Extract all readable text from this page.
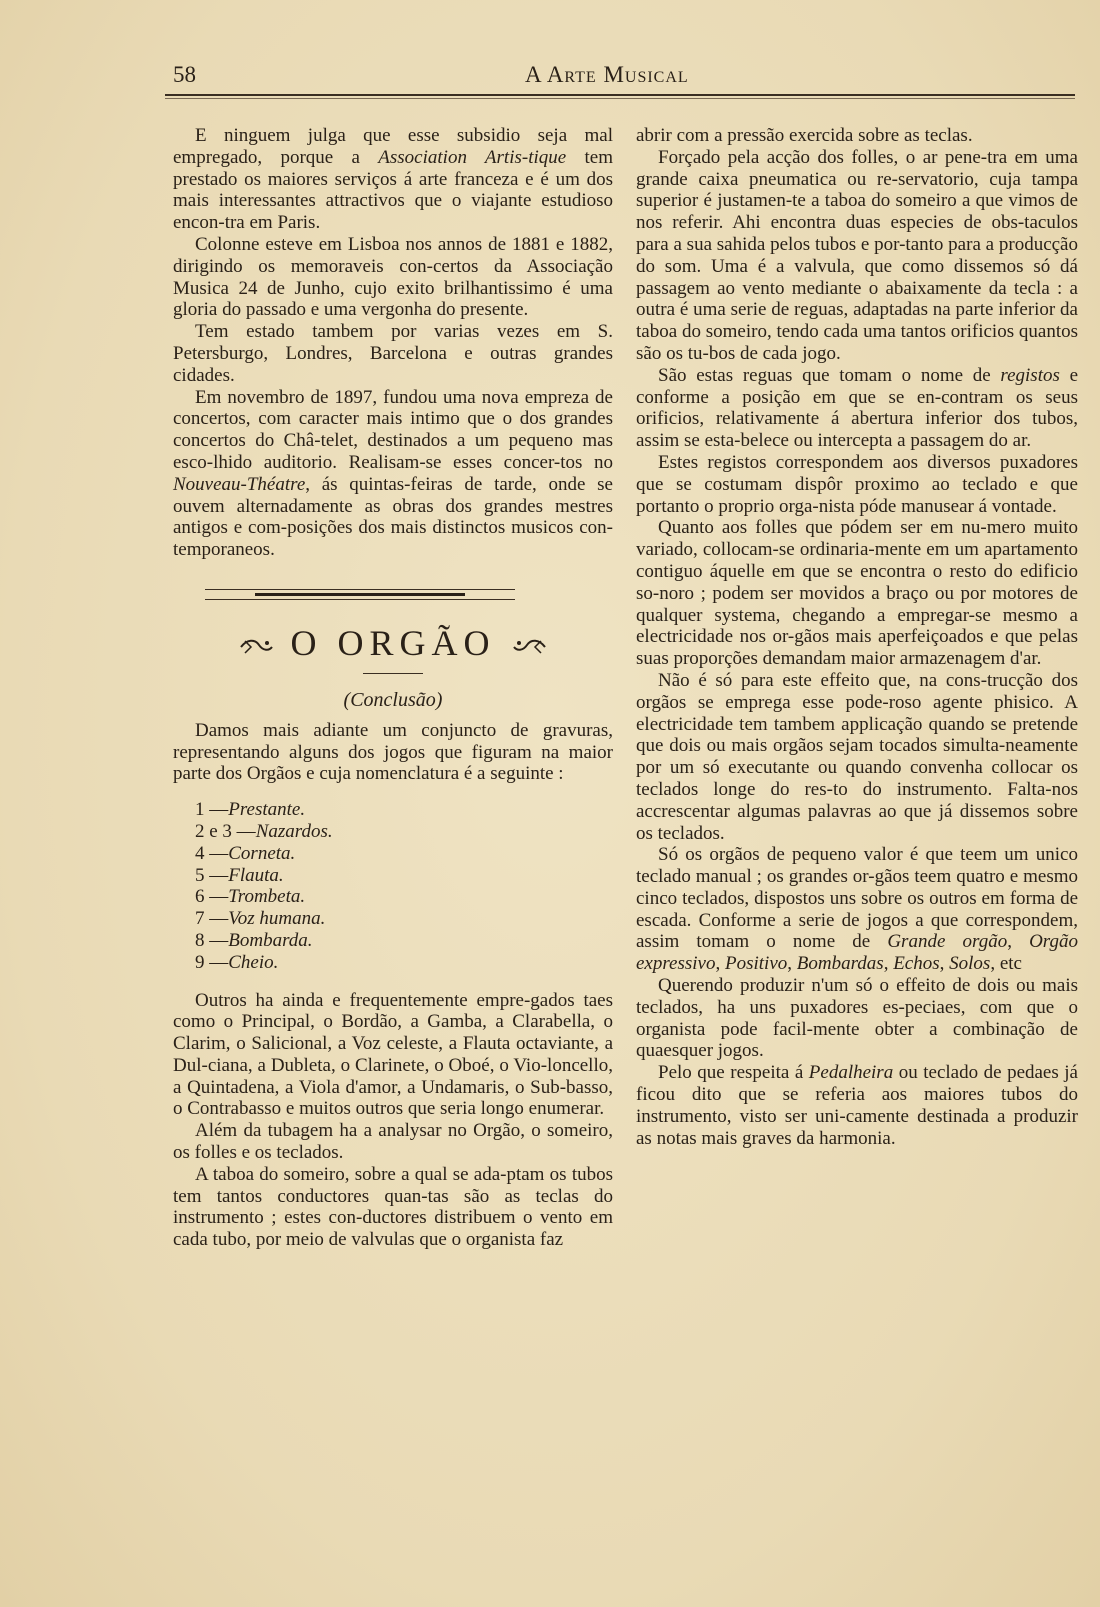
58	A Arte Musical

E ninguem julga que esse subsidio seja mal empregado, porque a Association Artis-tique tem prestado os maiores serviços á arte franceza e é um dos mais interessantes attractivos que o viajante estudioso encon-tra em Paris.

Colonne esteve em Lisboa nos annos de 1881 e 1882, dirigindo os memoraveis con-certos da Associação Musica 24 de Junho, cujo exito brilhantissimo é uma gloria do passado e uma vergonha do presente.

Tem estado tambem por varias vezes em S. Petersburgo, Londres, Barcelona e outras grandes cidades.

Em novembro de 1897, fundou uma nova empreza de concertos, com caracter mais intimo que o dos grandes concertos do Châ-telet, destinados a um pequeno mas esco-lhido auditorio. Realisam-se esses concer-tos no Nouveau-Théatre, ás quintas-feiras de tarde, onde se ouvem alternadamente as obras dos grandes mestres antigos e com-posições dos mais distinctos musicos con-temporaneos.

O ORGÃO
(Conclusão)

Damos mais adiante um conjuncto de gravuras, representando alguns dos jogos que figuram na maior parte dos Orgãos e cuja nomenclatura é a seguinte :

1 —Prestante.
2 e 3 —Nazardos.
4 —Corneta.
5 —Flauta.
6 —Trombeta.
7 —Voz humana.
8 —Bombarda.
9 —Cheio.

Outros ha ainda e frequentemente empre-gados taes como o Principal, o Bordão, a Gamba, a Clarabella, o Clarim, o Salicional, a Voz celeste, a Flauta octaviante, a Dul-ciana, a Dubleta, o Clarinete, o Oboé, o Vio-loncello, a Quintadena, a Viola d'amor, a Undamaris, o Sub-basso, o Contrabasso e muitos outros que seria longo enumerar.

Além da tubagem ha a analysar no Orgão, o someiro, os folles e os teclados.

A taboa do someiro, sobre a qual se ada-ptam os tubos tem tantos conductores quan-tas são as teclas do instrumento ; estes con-ductores distribuem o vento em cada tubo, por meio de valvulas que o organista faz

abrir com a pressão exercida sobre as teclas.

Forçado pela acção dos folles, o ar pene-tra em uma grande caixa pneumatica ou re-servatorio, cuja tampa superior é justamen-te a taboa do someiro a que vimos de nos referir. Ahi encontra duas especies de obs-taculos para a sua sahida pelos tubos e por-tanto para a producção do som. Uma é a valvula, que como dissemos só dá passagem ao vento mediante o abaixamente da tecla : a outra é uma serie de reguas, adaptadas na parte inferior da taboa do someiro, tendo cada uma tantos orificios quantos são os tu-bos de cada jogo.

São estas reguas que tomam o nome de registos e conforme a posição em que se en-contram os seus orificios, relativamente á abertura inferior dos tubos, assim se esta-belece ou intercepta a passagem do ar.

Estes registos correspondem aos diversos puxadores que se costumam dispôr proximo ao teclado e que portanto o proprio orga-nista póde manusear á vontade.

Quanto aos folles que pódem ser em nu-mero muito variado, collocam-se ordinaria-mente em um apartamento contiguo áquelle em que se encontra o resto do edificio so-noro ; podem ser movidos a braço ou por motores de qualquer systema, chegando a empregar-se mesmo a electricidade nos or-gãos mais aperfeiçoados e que pelas suas proporções demandam maior armazenagem d'ar.

Não é só para este effeito que, na cons-trucção dos orgãos se emprega esse pode-roso agente phisico. A electricidade tem tambem applicação quando se pretende que dois ou mais orgãos sejam tocados simulta-neamente por um só executante ou quando convenha collocar os teclados longe do res-to do instrumento. Falta-nos accrescentar algumas palavras ao que já dissemos sobre os teclados.

Só os orgãos de pequeno valor é que teem um unico teclado manual ; os grandes or-gãos teem quatro e mesmo cinco teclados, dispostos uns sobre os outros em forma de escada. Conforme a serie de jogos a que correspondem, assim tomam o nome de Grande orgão, Orgão expressivo, Positivo, Bombardas, Echos, Solos, etc

Querendo produzir n'um só o effeito de dois ou mais teclados, ha uns puxadores es-peciaes, com que o organista pode facil-mente obter a combinação de quaesquer jogos.

Pelo que respeita á Pedalheira ou teclado de pedaes já ficou dito que se referia aos maiores tubos do instrumento, visto ser uni-camente destinada a produzir as notas mais graves da harmonia.
